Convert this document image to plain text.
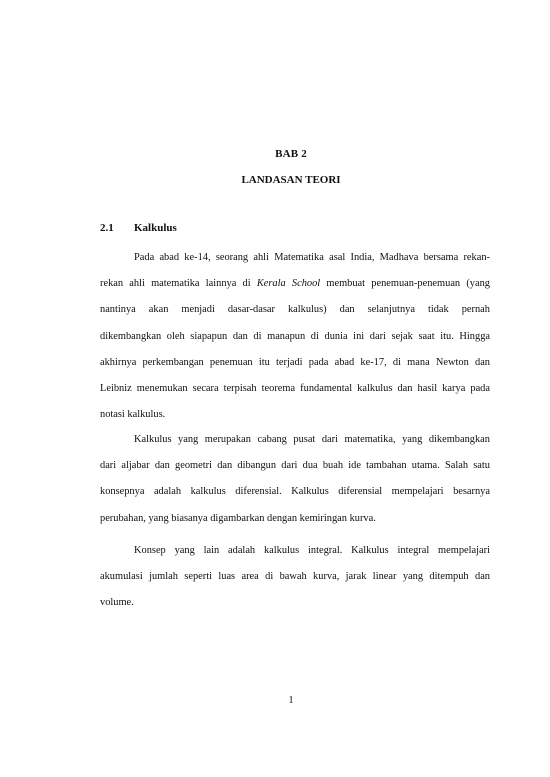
BAB 2
LANDASAN TEORI
2.1 Kalkulus
Pada abad ke-14, seorang ahli Matematika asal India, Madhava bersama rekan-
rekan ahli matematika lainnya di Kerala School membuat penemuan-penemuan (yang
nantinya akan menjadi dasar-dasar kalkulus) dan selanjutnya tidak pernah
dikembangkan oleh siapapun dan di manapun di dunia ini dari sejak saat itu. Hingga
akhirnya perkembangan penemuan itu terjadi pada abad ke-17, di mana Newton dan
Leibniz menemukan secara terpisah teorema fundamental kalkulus dan hasil karya pada
notasi kalkulus.
Kalkulus yang merupakan cabang pusat dari matematika, yang dikembangkan
dari aljabar dan geometri dan dibangun dari dua buah ide tambahan utama. Salah satu
konsepnya adalah kalkulus diferensial. Kalkulus diferensial mempelajari besarnya
perubahan, yang biasanya digambarkan dengan kemiringan kurva.
Konsep yang lain adalah kalkulus integral. Kalkulus integral mempelajari
akumulasi jumlah seperti luas area di bawah kurva, jarak linear yang ditempuh dan
volume.
1
